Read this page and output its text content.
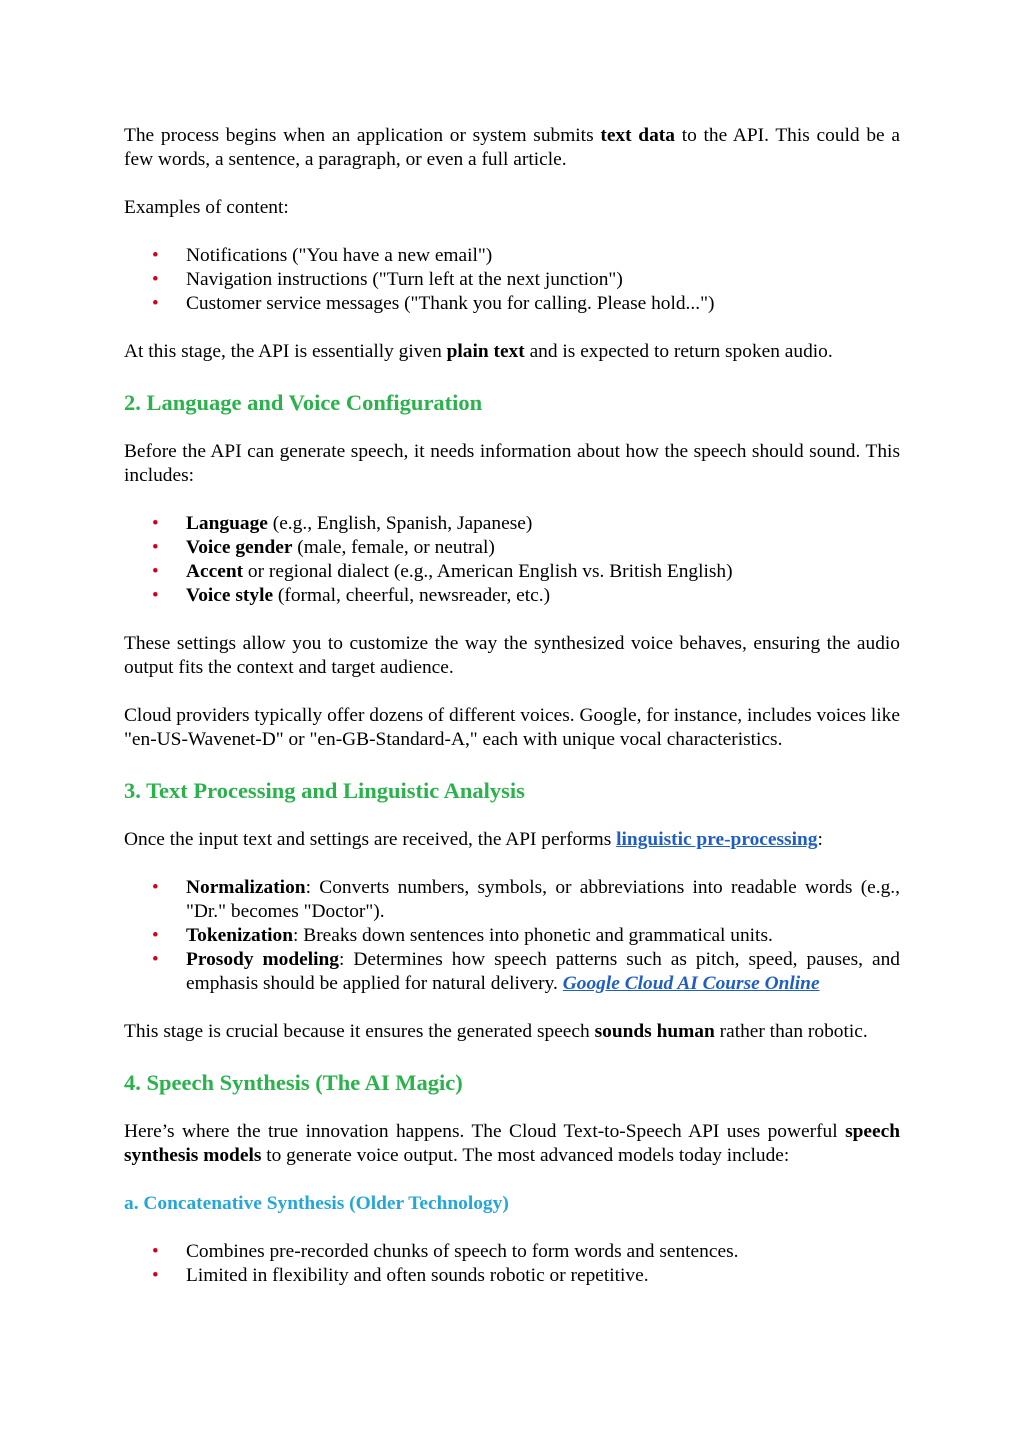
The process begins when an application or system submits text data to the API. This could be a few words, a sentence, a paragraph, or even a full article.

Examples of content:

• Notifications ("You have a new email")
• Navigation instructions ("Turn left at the next junction")
• Customer service messages ("Thank you for calling. Please hold...")

At this stage, the API is essentially given plain text and is expected to return spoken audio.

2. Language and Voice Configuration

Before the API can generate speech, it needs information about how the speech should sound. This includes:

• Language (e.g., English, Spanish, Japanese)
• Voice gender (male, female, or neutral)
• Accent or regional dialect (e.g., American English vs. British English)
• Voice style (formal, cheerful, newsreader, etc.)

These settings allow you to customize the way the synthesized voice behaves, ensuring the audio output fits the context and target audience.

Cloud providers typically offer dozens of different voices. Google, for instance, includes voices like "en-US-Wavenet-D" or "en-GB-Standard-A," each with unique vocal characteristics.

3. Text Processing and Linguistic Analysis

Once the input text and settings are received, the API performs linguistic pre-processing:

• Normalization: Converts numbers, symbols, or abbreviations into readable words (e.g., "Dr." becomes "Doctor").
• Tokenization: Breaks down sentences into phonetic and grammatical units.
• Prosody modeling: Determines how speech patterns such as pitch, speed, pauses, and emphasis should be applied for natural delivery. Google Cloud AI Course Online

This stage is crucial because it ensures the generated speech sounds human rather than robotic.

4. Speech Synthesis (The AI Magic)

Here’s where the true innovation happens. The Cloud Text-to-Speech API uses powerful speech synthesis models to generate voice output. The most advanced models today include:

a. Concatenative Synthesis (Older Technology)
• Combines pre-recorded chunks of speech to form words and sentences.
• Limited in flexibility and often sounds robotic or repetitive.
